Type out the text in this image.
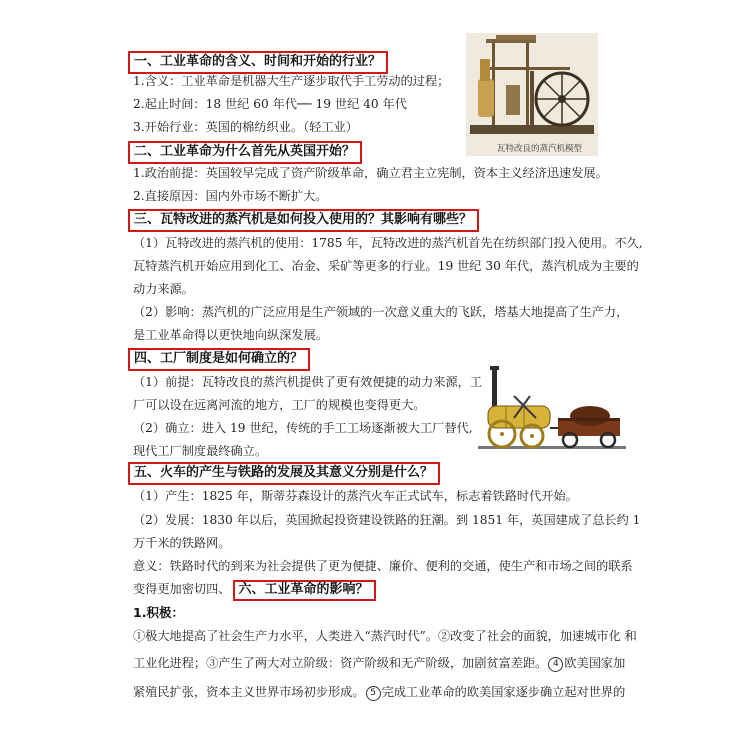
一、工业革命的含义、时间和开始的行业？
1.含义：工业革命是机器大生产逐步取代手工劳动的过程；
2.起止时间：18 世纪 60 年代── 19 世纪 40 年代
3.开始行业：英国的棉纺织业。（轻工业）
瓦特改良的蒸汽机模型
二、工业革命为什么首先从英国开始？
1.政治前提：英国较早完成了资产阶级革命，确立君主立宪制，资本主义经济迅速发展。
2.直接原因：国内外市场不断扩大。
三、瓦特改进的蒸汽机是如何投入使用的？其影响有哪些？
（1）瓦特改进的蒸汽机的使用：1785 年，瓦特改进的蒸汽机首先在纺织部门投入使用。不久,
瓦特蒸汽机开始应用到化工、冶金、采矿等更多的行业。19 世纪 30 年代，蒸汽机成为主要的
动力来源。
（2）影响：蒸汽机的广泛应用是生产领域的一次意义重大的飞跃，塔基大地提高了生产力，
是工业革命得以更快地向纵深发展。
四、工厂制度是如何确立的？
（1）前提：瓦特改良的蒸汽机提供了更有效便捷的动力来源，工
厂可以设在远离河流的地方，工厂的规模也变得更大。
（2）确立：进入 19 世纪，传统的手工工场逐渐被大工厂替代,
现代工厂制度最终确立。
五、火车的产生与铁路的发展及其意义分别是什么？
（1）产生：1825 年，斯蒂芬森设计的蒸汽火车正式试车，标志着铁路时代开始。
（2）发展：1830 年以后，英国掀起投资建设铁路的狂潮。到 1851 年，英国建成了总长约 1
万千米的铁路网。
意义：铁路时代的到来为社会提供了更为便捷、廉价、便利的交通，使生产和市场之间的联系
变得更加密切四、 六、工业革命的影响？
1.积极：
①极大地提高了社会生产力水平，人类进入“蒸汽时代”。②改变了社会的面貌，加速城市化 和
工业化进程；③产生了两大对立阶级：资产阶级和无产阶级，加剧贫富差距。 4 欧美国家加
紧殖民扩张，资本主义世界市场初步形成。 5 完成工业革命的欧美国家逐步确立起对世界的
